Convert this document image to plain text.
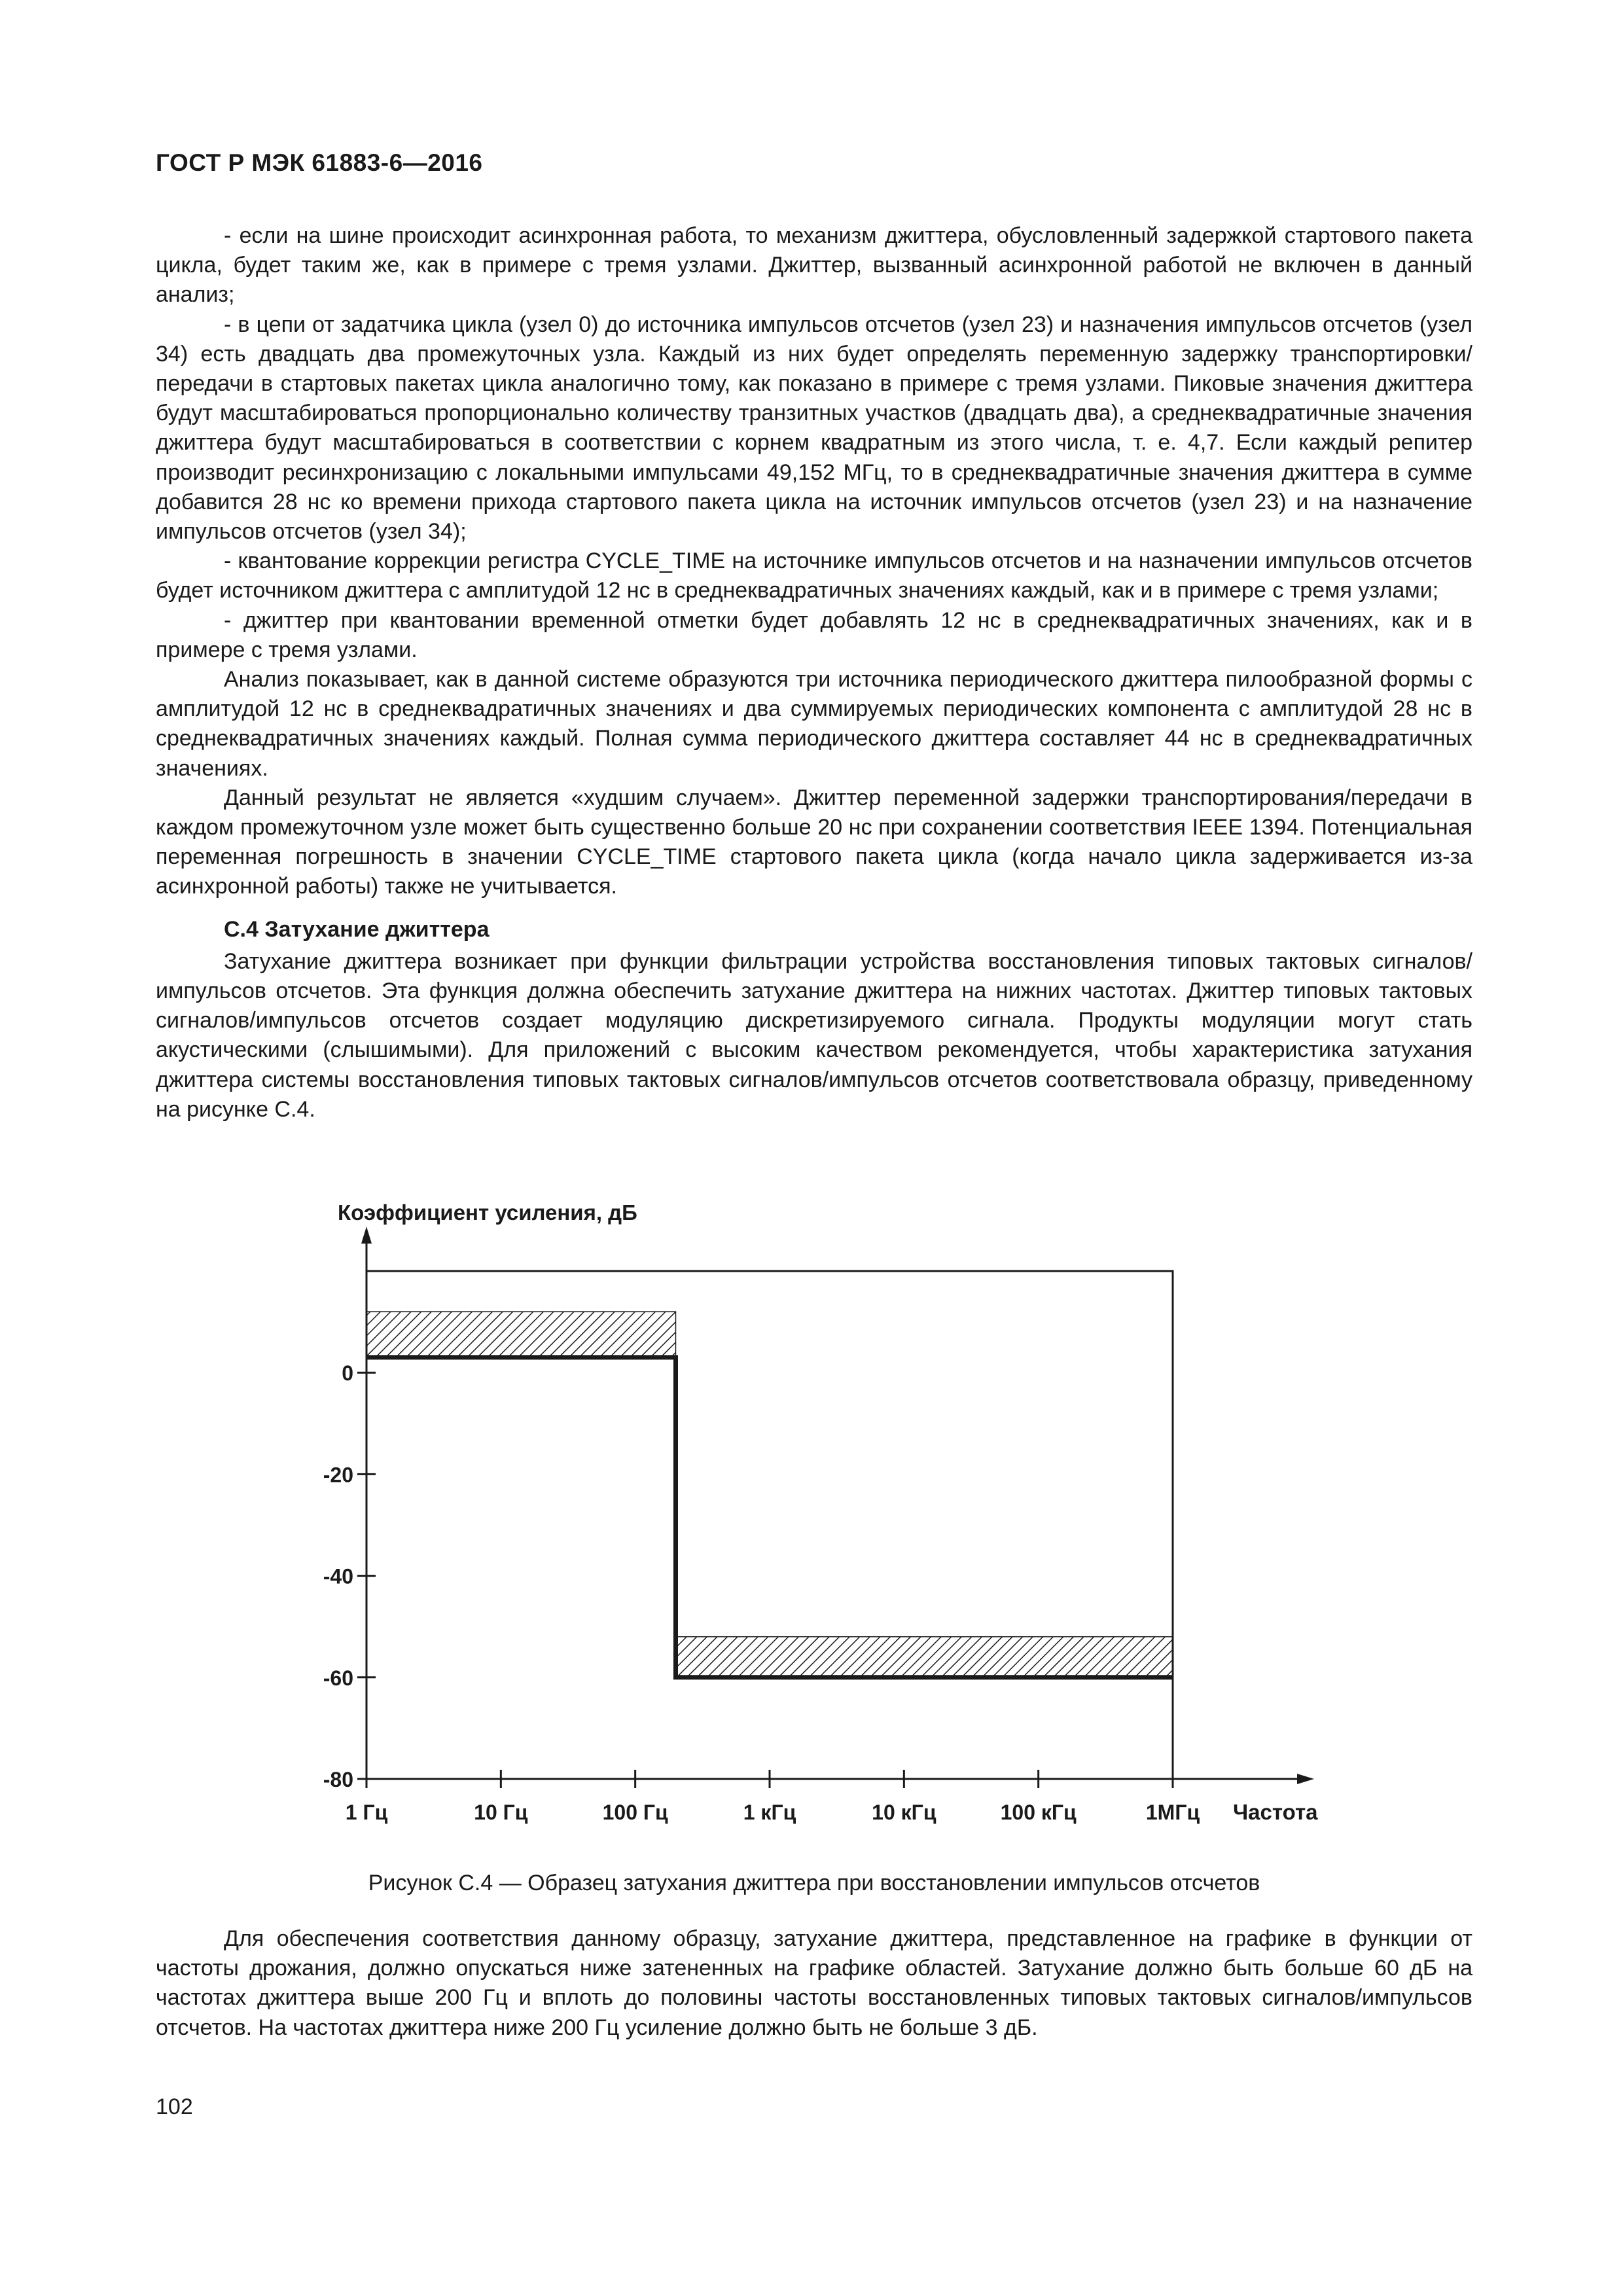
ГОСТ Р МЭК 61883-6—2016

- если на шине происходит асинхронная работа, то механизм джиттера, обусловленный задержкой стартового пакета цикла, будет таким же, как в примере с тремя узлами. Джиттер, вызванный асинхронной работой не включен в данный анализ;

- в цепи от задатчика цикла (узел 0) до источника импульсов отсчетов (узел 23) и назначения импульсов отсчетов (узел 34) есть двадцать два промежуточных узла. Каждый из них будет определять переменную задержку транспортировки/передачи в стартовых пакетах цикла аналогично тому, как показано в примере с тремя узлами. Пиковые значения джиттера будут масштабироваться пропорционально количеству транзитных участков (двадцать два), а среднеквадратичные значения джиттера будут масштабироваться в соответствии с корнем квадратным из этого числа, т. е. 4,7. Если каждый репитер производит ресинхронизацию с локальными импульсами 49,152 МГц, то в среднеквадратичные значения джиттера в сумме добавится 28 нс ко времени прихода стартового пакета цикла на источник импульсов отсчетов (узел 23) и на назначение импульсов отсчетов (узел 34);

- квантование коррекции регистра CYCLE_TIME на источнике импульсов отсчетов и на назначении импульсов отсчетов будет источником джиттера с амплитудой 12 нс в среднеквадратичных значениях каждый, как и в примере с тремя узлами;

- джиттер при квантовании временной отметки будет добавлять 12 нс в среднеквадратичных значениях, как и в примере с тремя узлами.

Анализ показывает, как в данной системе образуются три источника периодического джиттера пилообразной формы с амплитудой 12 нс в среднеквадратичных значениях и два суммируемых периодических компонента с амплитудой 28 нс в среднеквадратичных значениях каждый. Полная сумма периодического джиттера составляет 44 нс в среднеквадратичных значениях.

Данный результат не является «худшим случаем». Джиттер переменной задержки транспортирования/передачи в каждом промежуточном узле может быть существенно больше 20 нс при сохранении соответствия IEEE 1394. Потенциальная переменная погрешность в значении CYCLE_TIME стартового пакета цикла (когда начало цикла задерживается из-за асинхронной работы) также не учитывается.

С.4 Затухание джиттера

Затухание джиттера возникает при функции фильтрации устройства восстановления типовых тактовых сигналов/импульсов отсчетов. Эта функция должна обеспечить затухание джиттера на нижних частотах. Джиттер типовых тактовых сигналов/импульсов отсчетов создает модуляцию дискретизируемого сигнала. Продукты модуляции могут стать акустическими (слышимыми). Для приложений с высоким качеством рекомендуется, чтобы характеристика затухания джиттера системы восстановления типовых тактовых сигналов/импульсов отсчетов соответствовала образцу, приведенному на рисунке С.4.

0
-20
-40
-60
-80
1 Гц	10 Гц	100 Гц	1 кГц	10 кГц	100 кГц	1МГц
Коэффициент усиления, дБ
Частота
Рисунок С.4 — Образец затухания джиттера при восстановлении импульсов отсчетов

Для обеспечения соответствия данному образцу, затухание джиттера, представленное на графике в функции от частоты дрожания, должно опускаться ниже затененных на графике областей. Затухание должно быть больше 60 дБ на частотах джиттера выше 200 Гц и вплоть до половины частоты восстановленных типовых тактовых сигналов/импульсов отсчетов. На частотах джиттера ниже 200 Гц усиление должно быть не больше 3 дБ.

102
